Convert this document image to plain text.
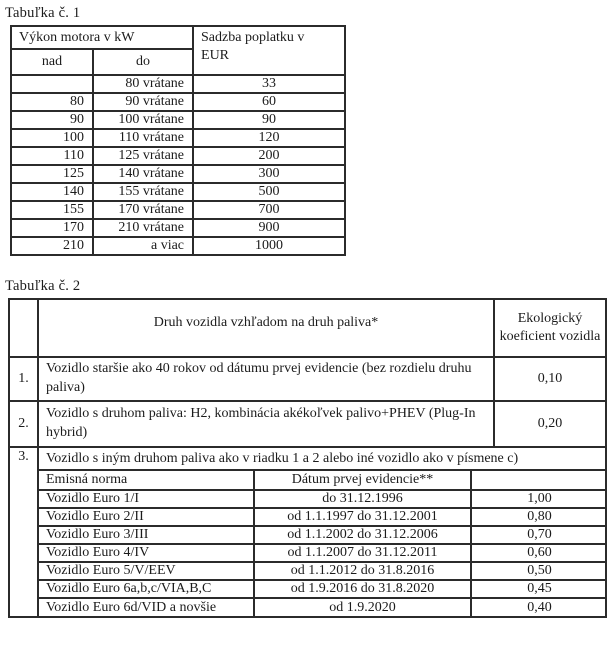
Tabuľka č. 1
Výkon motora v kW		Sadzba poplatku v EUR
nad	do	
	80 vrátane	33
80	90 vrátane	60
90	100 vrátane	90
100	110 vrátane	120
110	125 vrátane	200
125	140 vrátane	300
140	155 vrátane	500
155	170 vrátane	700
170	210 vrátane	900
210	a viac	1000
Tabuľka č. 2
	Druh vozidla vzhľadom na druh paliva*	Ekologický koeficient vozidla
1.	Vozidlo staršie ako 40 rokov od dátumu prvej evidencie (bez rozdielu druhu paliva)	0,10
2.	Vozidlo s druhom paliva: H2, kombinácia akékoľvek palivo+PHEV (Plug-In hybrid)	0,20
3.	Vozidlo s iným druhom paliva ako v riadku 1 a 2 alebo iné vozidlo ako v písmene c)
Emisná norma	Dátum prvej evidencie**	
Vozidlo Euro 1/I	do 31.12.1996	1,00
Vozidlo Euro 2/II	od 1.1.1997 do 31.12.2001	0,80
Vozidlo Euro 3/III	od 1.1.2002 do 31.12.2006	0,70
Vozidlo Euro 4/IV	od 1.1.2007 do 31.12.2011	0,60
Vozidlo Euro 5/V/EEV	od 1.1.2012 do 31.8.2016	0,50
Vozidlo Euro 6a,b,c/VIA,B,C	od 1.9.2016 do 31.8.2020	0,45
Vozidlo Euro 6d/VID a novšie	od 1.9.2020	0,40
